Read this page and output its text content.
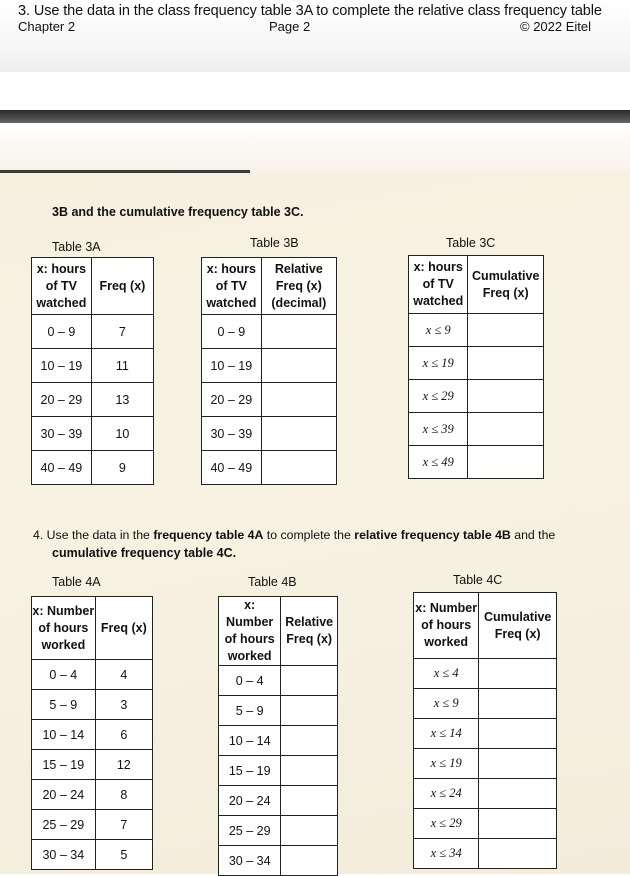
3. Use the data in the class frequency table 3A to complete the relative class frequency table
Chapter 2	Page 2	© 2022 Eitel
3B and the cumulative frequency table 3C.
Table 3A
x: hours of TV watched	Freq (x)
0 – 9	7
10 – 19	11
20 – 29	13
30 – 39	10
40 – 49	9
Table 3B
x: hours of TV watched	Relative Freq (x) (decimal)
0 – 9	
10 – 19	
20 – 29	
30 – 39	
40 – 49	
Table 3C
x: hours of TV watched	Cumulative Freq (x)
x ≤ 9	
x ≤ 19	
x ≤ 29	
x ≤ 39	
x ≤ 49	
4. Use the data in the frequency table 4A to complete the relative frequency table 4B and the
cumulative frequency table 4C.
Table 4A
x: Number of hours worked	Freq (x)
0 – 4	4
5 – 9	3
10 – 14	6
15 – 19	12
20 – 24	8
25 – 29	7
30 – 34	5
Table 4B
x: Number of hours worked	Relative Freq (x)
0 – 4	
5 – 9	
10 – 14	
15 – 19	
20 – 24	
25 – 29	
30 – 34	
Table 4C
x: Number of hours worked	Cumulative Freq (x)
x ≤ 4	
x ≤ 9	
x ≤ 14	
x ≤ 19	
x ≤ 24	
x ≤ 29	
x ≤ 34	
